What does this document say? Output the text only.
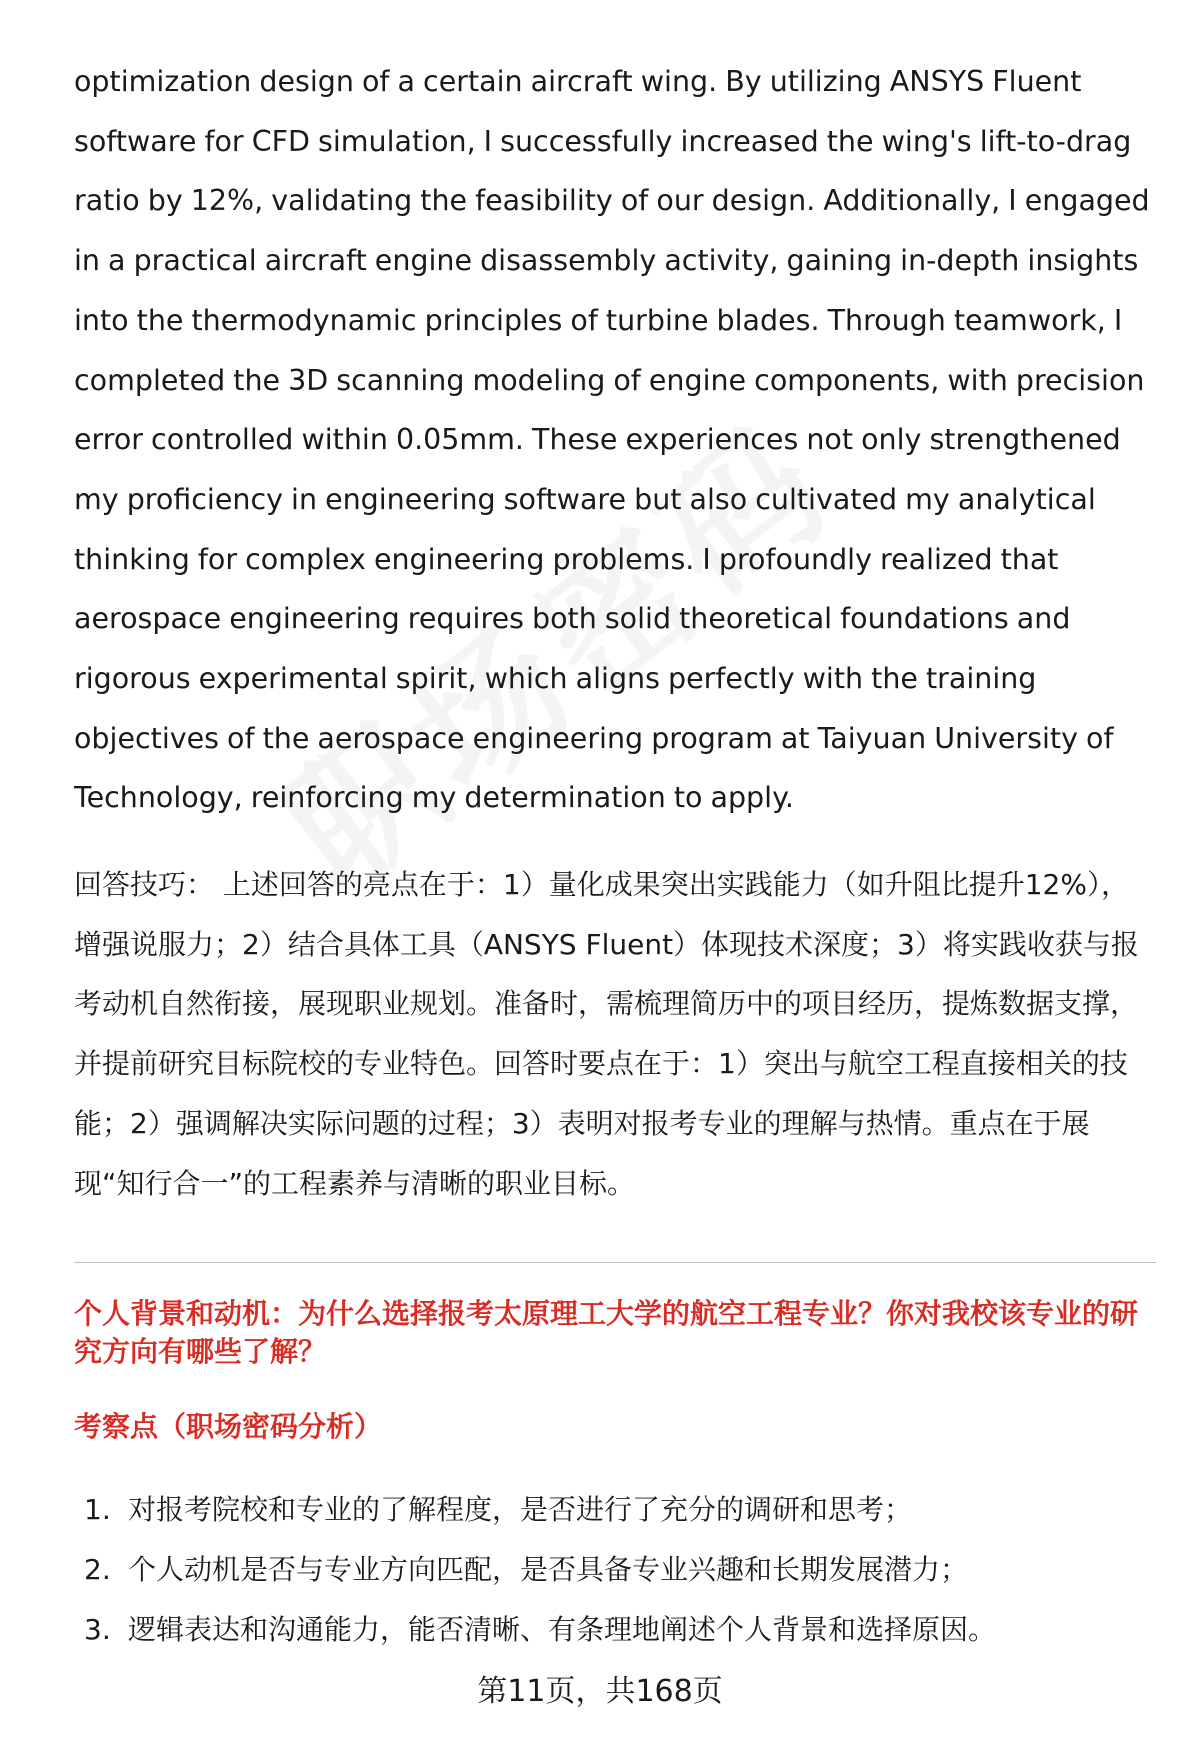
optimization design of a certain aircraft wing. By utilizing ANSYS Fluent software for CFD simulation, I successfully increased the wing's lift-to-drag ratio by 12%, validating the feasibility of our design. Additionally, I engaged in a practical aircraft engine disassembly activity, gaining in-depth insights into the thermodynamic principles of turbine blades. Through teamwork, I completed the 3D scanning modeling of engine components, with precision error controlled within 0.05mm. These experiences not only strengthened my proficiency in engineering software but also cultivated my analytical thinking for complex engineering problems. I profoundly realized that aerospace engineering requires both solid theoretical foundations and rigorous experimental spirit, which aligns perfectly with the training objectives of the aerospace engineering program at Taiyuan University of Technology, reinforcing my determination to apply.

回答技巧： 上述回答的亮点在于：1）量化成果突出实践能力（如升阻比提升12%），增强说服力；2）结合具体工具（ANSYS Fluent）体现技术深度；3）将实践收获与报考动机自然衔接，展现职业规划。准备时，需梳理简历中的项目经历，提炼数据支撑，并提前研究目标院校的专业特色。回答时要点在于：1）突出与航空工程直接相关的技能；2）强调解决实际问题的过程；3）表明对报考专业的理解与热情。重点在于展现“知行合一”的工程素养与清晰的职业目标。

个人背景和动机：为什么选择报考太原理工大学的航空工程专业？你对我校该专业的研究方向有哪些了解？
考察点（职场密码分析）
1. 对报考院校和专业的了解程度，是否进行了充分的调研和思考；
2. 个人动机是否与专业方向匹配，是否具备专业兴趣和长期发展潜力；
3. 逻辑表达和沟通能力，能否清晰、有条理地阐述个人背景和选择原因。
第11页，共168页
